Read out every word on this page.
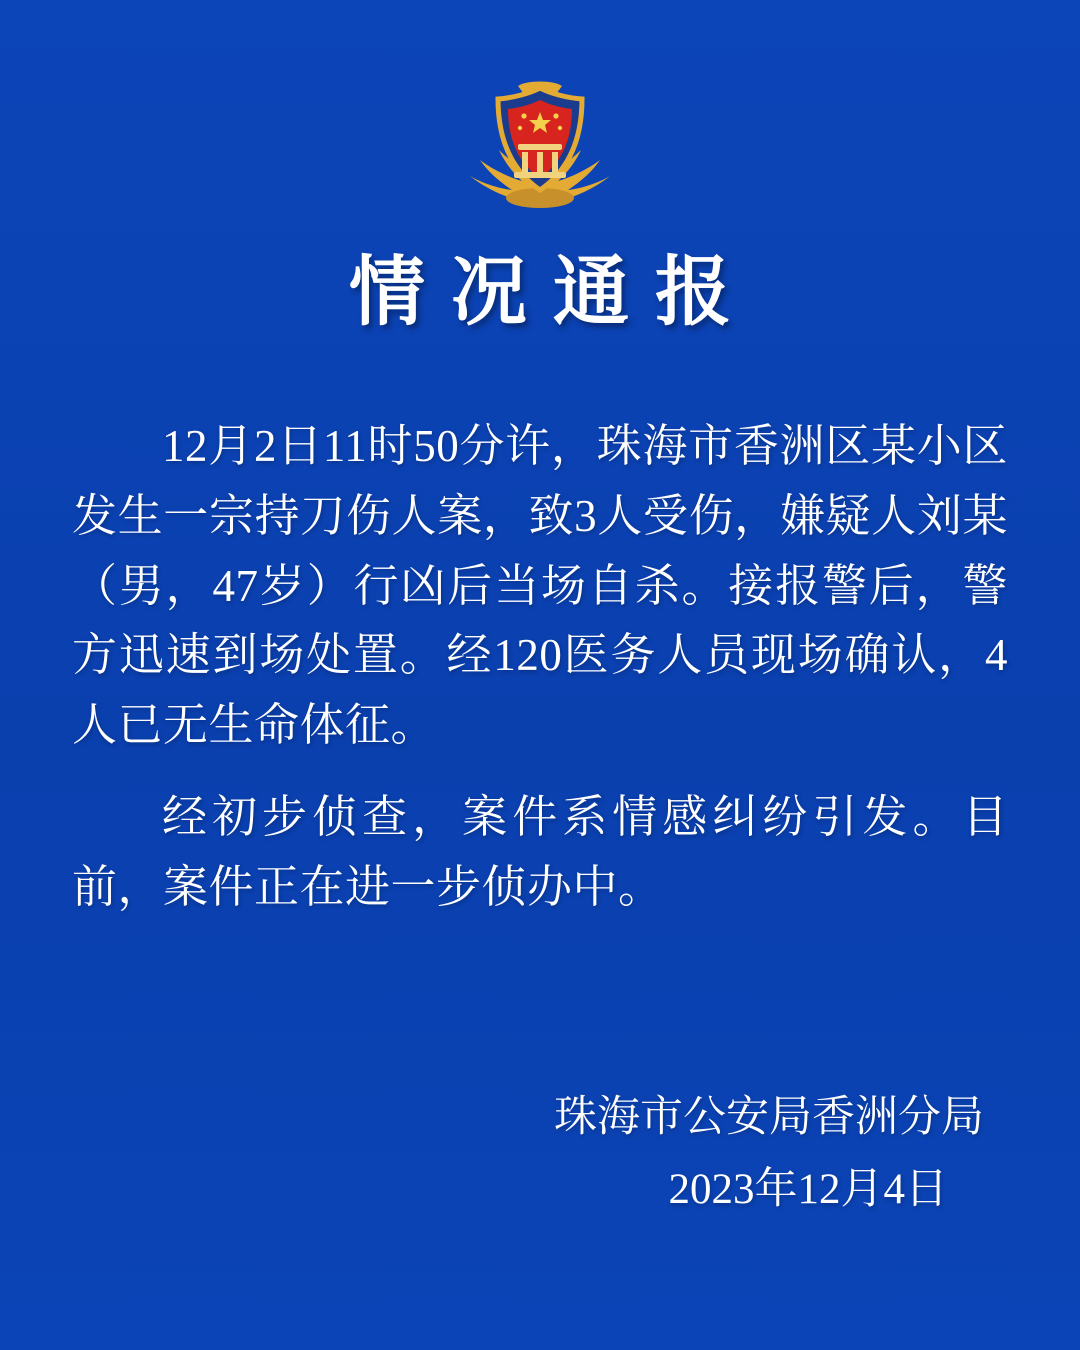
情况通报

12月2日11时50分许，珠海市香洲区某小区发生一宗持刀伤人案，致3人受伤，嫌疑人刘某（男，47岁）行凶后当场自杀。接报警后，警方迅速到场处置。经120医务人员现场确认，4人已无生命体征。

经初步侦查，案件系情感纠纷引发。目前，案件正在进一步侦办中。

珠海市公安局香洲分局
2023年12月4日
